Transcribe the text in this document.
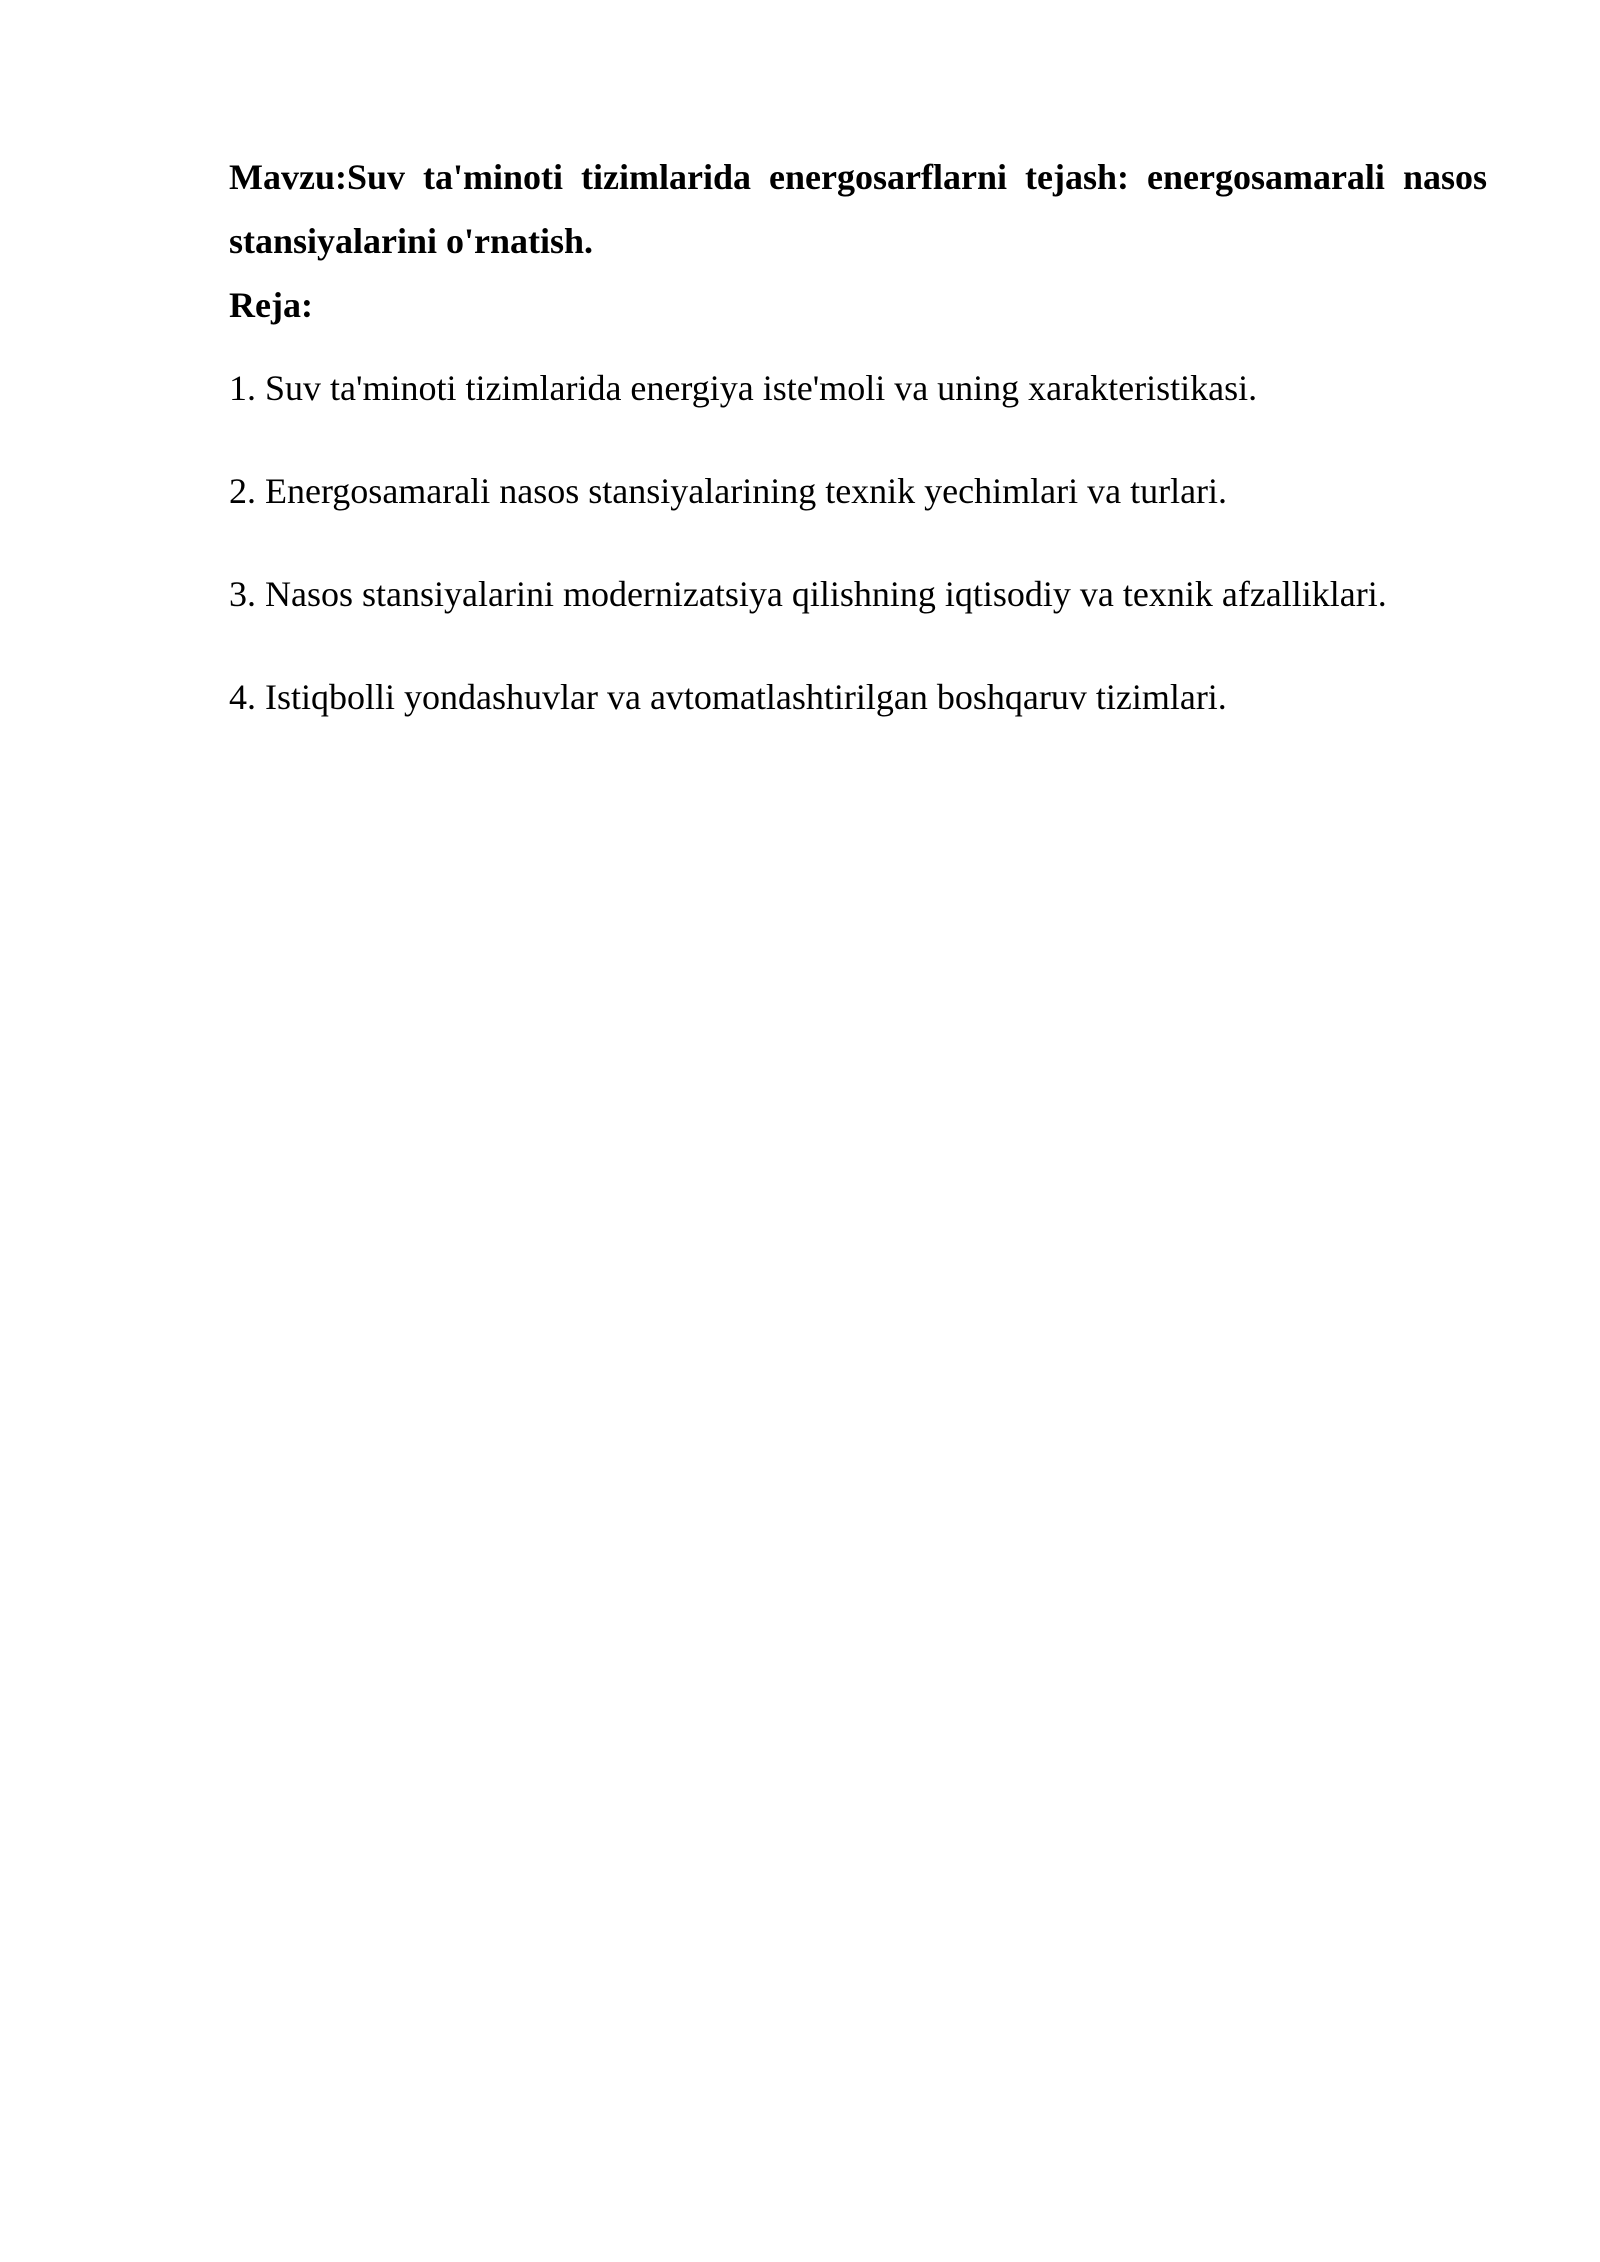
Mavzu:Suv ta'minoti tizimlarida energosarflarni tejash: energosamarali nasos stansiyalarini o'rnatish.

Reja:

1. Suv ta'minoti tizimlarida energiya iste'moli va uning xarakteristikasi.
2. Energosamarali nasos stansiyalarining texnik yechimlari va turlari.
3. Nasos stansiyalarini modernizatsiya qilishning iqtisodiy va texnik afzalliklari.
4. Istiqbolli yondashuvlar va avtomatlashtirilgan boshqaruv tizimlari.
